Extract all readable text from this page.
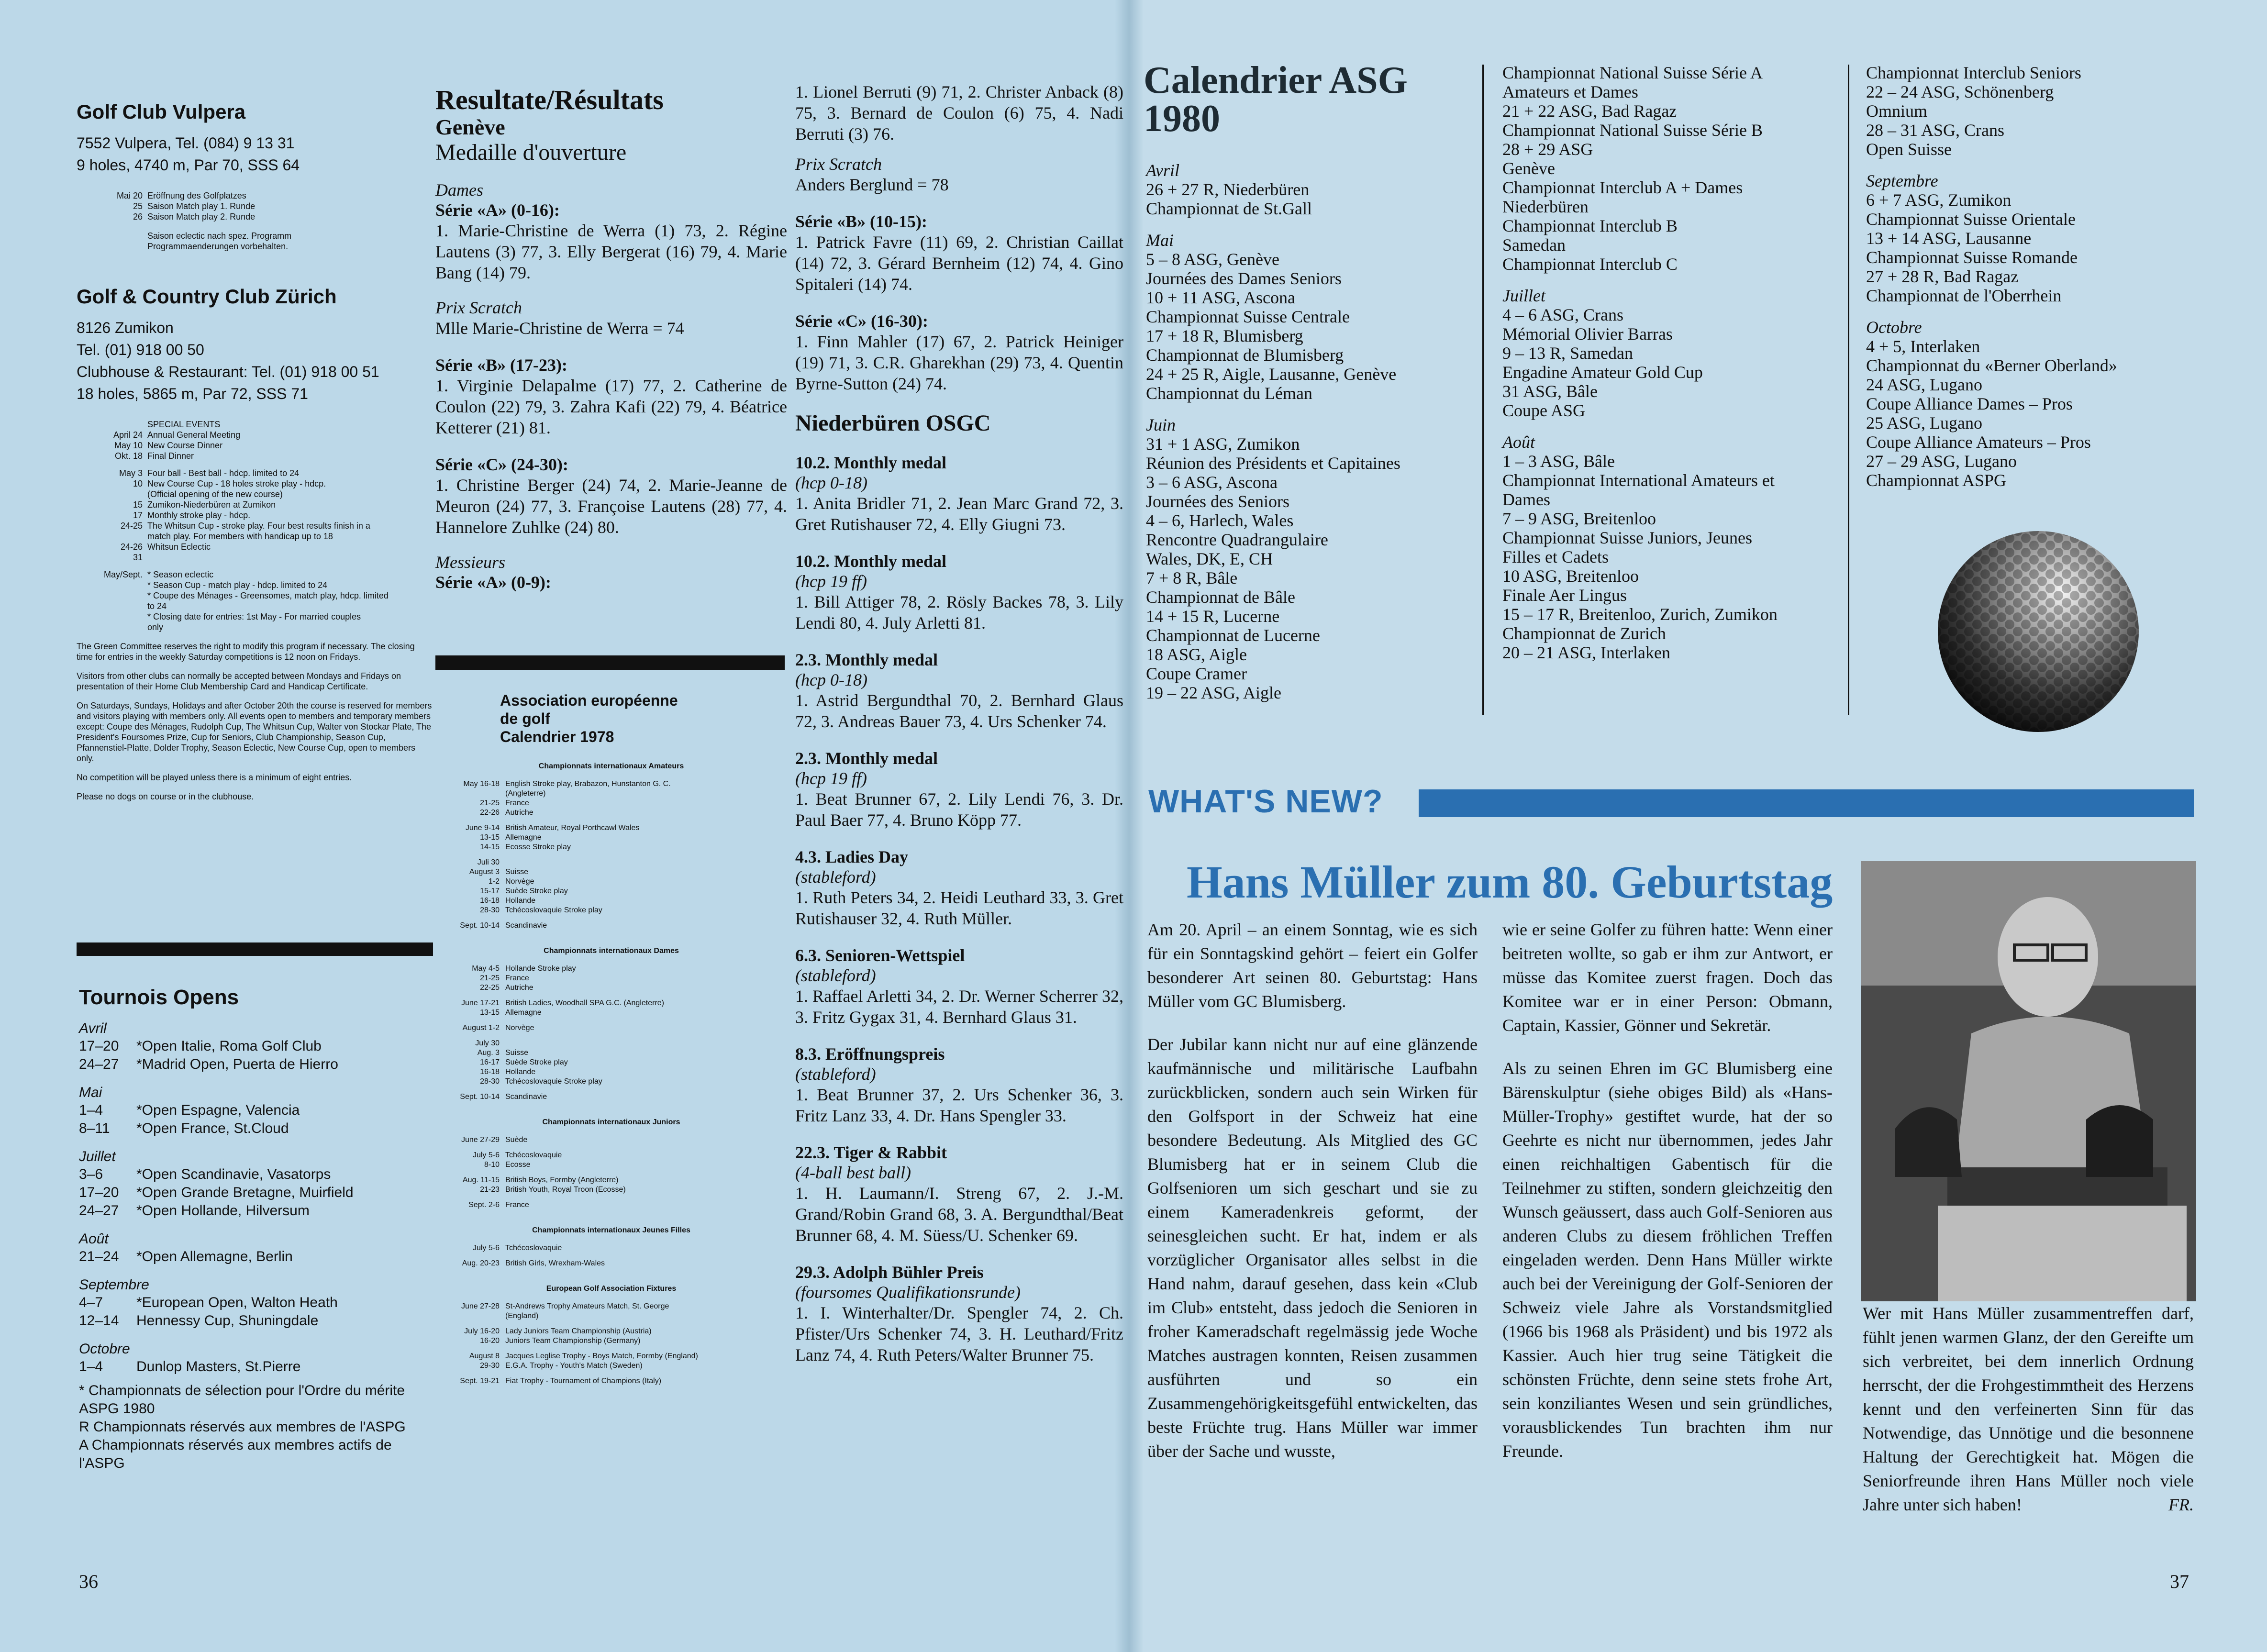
Golf Club Vulpera
7552 Vulpera, Tel. (084) 9 13 31
9 holes, 4740 m, Par 70, SSS 64
Mai 20 Eröffnung des Golfplatzes
25 Saison Match play 1. Runde
26 Saison Match play 2. Runde
Saison eclectic nach spez. Programm
Programmaenderungen vorbehalten.
Golf & Country Club Zürich
8126 Zumikon
Tel. (01) 918 00 50
Clubhouse & Restaurant: Tel. (01) 918 00 51
18 holes, 5865 m, Par 72, SSS 71
SPECIAL EVENTS
April 24 Annual General Meeting
May 10 New Course Dinner
Okt. 18 Final Dinner
May 3 Four ball - Best ball - hdcp. limited to 24
10 New Course Cup - 18 holes stroke play - hdcp.
(Official opening of the new course)
15 Zumikon-Niederbüren at Zumikon
17 Monthly stroke play - hdcp.
24-25 The Whitsun Cup - stroke play. Four best results finish in a
match play. For members with handicap up to 18
24-26 Whitsun Eclectic
31
May/Sept. * Season eclectic
* Season Cup - match play - hdcp. limited to 24
* Coupe des Ménages - Greensomes, match play, hdcp. limited
to 24
* Closing date for entries: 1st May - For married couples
only
The Green Committee reserves the right to modify this program if necessary. The closing time for entries in the weekly Saturday competitions is 12 noon on Fridays.
Visitors from other clubs can normally be accepted between Mondays and Fridays on presentation of their Home Club Membership Card and Handicap Certificate.
On Saturdays, Sundays, Holidays and after October 20th the course is reserved for members and visitors playing with members only. All events open to members and temporary members except: Coupe des Ménages, Rudolph Cup, The Whitsun Cup, Walter von Stockar Plate, The President's Foursomes Prize, Cup for Seniors, Club Championship, Season Cup, Pfannenstiel-Platte, Dolder Trophy, Season Eclectic, New Course Cup, open to members only.
No competition will be played unless there is a minimum of eight entries.
Please no dogs on course or in the clubhouse.
Tournois Opens
Avril
17–20	*Open Italie, Roma Golf Club
24–27	*Madrid Open, Puerta de Hierro
Mai
1–4	*Open Espagne, Valencia
8–11	*Open France, St.Cloud
Juillet
3–6	*Open Scandinavie, Vasatorps
17–20	*Open Grande Bretagne, Muirfield
24–27	*Open Hollande, Hilversum
Août
21–24	*Open Allemagne, Berlin
Septembre
4–7	*European Open, Walton Heath
12–14	Hennessy Cup, Shuningdale
Octobre
1–4	Dunlop Masters, St.Pierre
* Championnats de sélection pour l'Ordre du mérite ASPG 1980
R Championnats réservés aux membres de l'ASPG
A Championnats réservés aux membres actifs de l'ASPG
36
Resultate/Résultats
Genève
Medaille d'ouverture
Dames
Série «A» (0-16):
1. Marie-Christine de Werra (1) 73, 2. Régine Lautens (3) 77, 3. Elly Bergerat (16) 79, 4. Marie Bang (14) 79.
Prix Scratch
Mlle Marie-Christine de Werra = 74
Série «B» (17-23):
1. Virginie Delapalme (17) 77, 2. Catherine de Coulon (22) 79, 3. Zahra Kafi (22) 79, 4. Béatrice Ketterer (21) 81.
Série «C» (24-30):
1. Christine Berger (24) 74, 2. Marie-Jeanne de Meuron (24) 77, 3. Françoise Lautens (28) 77, 4. Hannelore Zuhlke (24) 80.
Messieurs
Série «A» (0-9):
Association européenne
de golf
Calendrier 1978
Championnats internationaux Amateurs
May 16-18 English Stroke play, Brabazon, Hunstanton G. C.
(Angleterre)
21-25 France
22-26 Autriche
June 9-14 British Amateur, Royal Porthcawl Wales
13-15 Allemagne
14-15 Ecosse Stroke play
Juli 30
August 3 Suisse
1-2 Norvège
15-17 Suède Stroke play
16-18 Hollande
28-30 Tchécoslovaquie Stroke play
Sept. 10-14 Scandinavie
Championnats internationaux Dames
May 4-5 Hollande Stroke play
21-25 France
22-25 Autriche
June 17-21 British Ladies, Woodhall SPA G.C. (Angleterre)
13-15 Allemagne
August 1-2 Norvège
July 30
Aug. 3 Suisse
16-17 Suède Stroke play
16-18 Hollande
28-30 Tchécoslovaquie Stroke play
Sept. 10-14 Scandinavie
Championnats internationaux Juniors
June 27-29 Suède
July 5-6 Tchécoslovaquie
8-10 Ecosse
Aug. 11-15 British Boys, Formby (Angleterre)
21-23 British Youth, Royal Troon (Ecosse)
Sept. 2-6 France
Championnats internationaux Jeunes Filles
July 5-6 Tchécoslovaquie
Aug. 20-23 British Girls, Wrexham-Wales
European Golf Association Fixtures
June 27-28 St-Andrews Trophy Amateurs Match, St. George
(England)
July 16-20 Lady Juniors Team Championship (Austria)
16-20 Juniors Team Championship (Germany)
August 8 Jacques Leglise Trophy - Boys Match, Formby (England)
29-30 E.G.A. Trophy - Youth's Match (Sweden)
Sept. 19-21 Fiat Trophy - Tournament of Champions (Italy)
1. Lionel Berruti (9) 71, 2. Christer Anback (8) 75, 3. Bernard de Coulon (6) 75, 4. Nadi Berruti (3) 76.
Prix Scratch
Anders Berglund = 78
Série «B» (10-15):
1. Patrick Favre (11) 69, 2. Christian Caillat (14) 72, 3. Gérard Bernheim (12) 74, 4. Gino Spitaleri (14) 74.
Série «C» (16-30):
1. Finn Mahler (17) 67, 2. Patrick Heiniger (19) 71, 3. C.R. Gharekhan (29) 73, 4. Quentin Byrne-Sutton (24) 74.
Niederbüren OSGC
10.2. Monthly medal
(hcp 0-18)
1. Anita Bridler 71, 2. Jean Marc Grand 72, 3. Gret Rutishauser 72, 4. Elly Giugni 73.
10.2. Monthly medal
(hcp 19 ff)
1. Bill Attiger 78, 2. Rösly Backes 78, 3. Lily Lendi 80, 4. July Arletti 81.
2.3. Monthly medal
(hcp 0-18)
1. Astrid Bergundthal 70, 2. Bernhard Glaus 72, 3. Andreas Bauer 73, 4. Urs Schenker 74.
2.3. Monthly medal
(hcp 19 ff)
1. Beat Brunner 67, 2. Lily Lendi 76, 3. Dr. Paul Baer 77, 4. Bruno Köpp 77.
4.3. Ladies Day
(stableford)
1. Ruth Peters 34, 2. Heidi Leuthard 33, 3. Gret Rutishauser 32, 4. Ruth Müller.
6.3. Senioren-Wettspiel
(stableford)
1. Raffael Arletti 34, 2. Dr. Werner Scherrer 32, 3. Fritz Gygax 31, 4. Bernhard Glaus 31.
8.3. Eröffnungspreis
(stableford)
1. Beat Brunner 37, 2. Urs Schenker 36, 3. Fritz Lanz 33, 4. Dr. Hans Spengler 33.
22.3. Tiger & Rabbit
(4-ball best ball)
1. H. Laumann/I. Streng 67, 2. J.-M. Grand/Robin Grand 68, 3. A. Bergundthal/Beat Brunner 68, 4. M. Süess/U. Schenker 69.
29.3. Adolph Bühler Preis
(foursomes Qualifikationsrunde)
1. I. Winterhalter/Dr. Spengler 74, 2. Ch. Pfister/Urs Schenker 74, 3. H. Leuthard/Fritz Lanz 74, 4. Ruth Peters/Walter Brunner 75.
Calendrier ASG
1980
Avril
26 + 27 R, Niederbüren
Championnat de St.Gall
Mai
5 – 8 ASG, Genève
Journées des Dames Seniors
10 + 11 ASG, Ascona
Championnat Suisse Centrale
17 + 18 R, Blumisberg
Championnat de Blumisberg
24 + 25 R, Aigle, Lausanne, Genève
Championnat du Léman
Juin
31 + 1 ASG, Zumikon
Réunion des Présidents et Capitaines
3 – 6 ASG, Ascona
Journées des Seniors
4 – 6, Harlech, Wales
Rencontre Quadrangulaire
Wales, DK, E, CH
7 + 8 R, Bâle
Championnat de Bâle
14 + 15 R, Lucerne
Championnat de Lucerne
18 ASG, Aigle
Coupe Cramer
19 – 22 ASG, Aigle
Championnat National Suisse Série A
Amateurs et Dames
21 + 22 ASG, Bad Ragaz
Championnat National Suisse Série B
28 + 29 ASG
Genève
Championnat Interclub A + Dames
Niederbüren
Championnat Interclub B
Samedan
Championnat Interclub C
Juillet
4 – 6 ASG, Crans
Mémorial Olivier Barras
9 – 13 R, Samedan
Engadine Amateur Gold Cup
31 ASG, Bâle
Coupe ASG
Août
1 – 3 ASG, Bâle
Championnat International Amateurs et
Dames
7 – 9 ASG, Breitenloo
Championnat Suisse Juniors, Jeunes
Filles et Cadets
10 ASG, Breitenloo
Finale Aer Lingus
15 – 17 R, Breitenloo, Zurich, Zumikon
Championnat de Zurich
20 – 21 ASG, Interlaken
Championnat Interclub Seniors
22 – 24 ASG, Schönenberg
Omnium
28 – 31 ASG, Crans
Open Suisse
Septembre
6 + 7 ASG, Zumikon
Championnat Suisse Orientale
13 + 14 ASG, Lausanne
Championnat Suisse Romande
27 + 28 R, Bad Ragaz
Championnat de l'Oberrhein
Octobre
4 + 5, Interlaken
Championnat du «Berner Oberland»
24 ASG, Lugano
Coupe Alliance Dames – Pros
25 ASG, Lugano
Coupe Alliance Amateurs – Pros
27 – 29 ASG, Lugano
Championnat ASPG
WHAT'S NEW?
Hans Müller zum 80. Geburtstag

Am 20. April – an einem Sonntag, wie es sich für ein Sonntagskind gehört – feiert ein Golfer besonderer Art seinen 80. Geburtstag: Hans Müller vom GC Blumisberg.

Der Jubilar kann nicht nur auf eine glänzende kaufmännische und militärische Laufbahn zurückblicken, sondern auch sein Wirken für den Golfsport in der Schweiz hat eine besondere Bedeutung. Als Mitglied des GC Blumisberg hat er in seinem Club die Golfsenioren um sich geschart und sie zu einem Kameradenkreis geformt, der seinesgleichen sucht. Er hat, indem er als vorzüglicher Organisator alles selbst in die Hand nahm, darauf gesehen, dass kein «Club im Club» entsteht, dass jedoch die Senioren in froher Kameradschaft regelmässig jede Woche Matches austragen konnten, Reisen zusammen ausführten und so ein Zusammengehörigkeitsgefühl entwickelten, das beste Früchte trug. Hans Müller war immer über der Sache und wusste,

wie er seine Golfer zu führen hatte: Wenn einer beitreten wollte, so gab er ihm zur Antwort, er müsse das Komitee zuerst fragen. Doch das Komitee war er in einer Person: Obmann, Captain, Kassier, Gönner und Sekretär.

Als zu seinen Ehren im GC Blumisberg eine Bärenskulptur (siehe obiges Bild) als «Hans-Müller-Trophy» gestiftet wurde, hat der so Geehrte es nicht nur übernommen, jedes Jahr einen reichhaltigen Gabentisch für die Teilnehmer zu stiften, sondern gleichzeitig den Wunsch geäussert, dass auch Golf-Senioren aus anderen Clubs zu diesem fröhlichen Treffen eingeladen werden. Denn Hans Müller wirkte auch bei der Vereinigung der Golf-Senioren der Schweiz viele Jahre als Vorstandsmitglied (1966 bis 1968 als Präsident) und bis 1972 als Kassier. Auch hier trug seine Tätigkeit die schönsten Früchte, denn seine stets frohe Art, sein konziliantes Wesen und sein gründliches, vorausblickendes Tun brachten ihm nur Freunde.

Wer mit Hans Müller zusammentreffen darf, fühlt jenen warmen Glanz, der den Gereifte um sich verbreitet, bei dem innerlich Ordnung herrscht, der die Frohgestimmtheit des Herzens kennt und den verfeinerten Sinn für das Notwendige, das Unnötige und die besonnene Haltung der Gerechtigkeit hat. Mögen die Seniorfreunde ihren Hans Müller noch viele Jahre unter sich haben!	FR.
37
